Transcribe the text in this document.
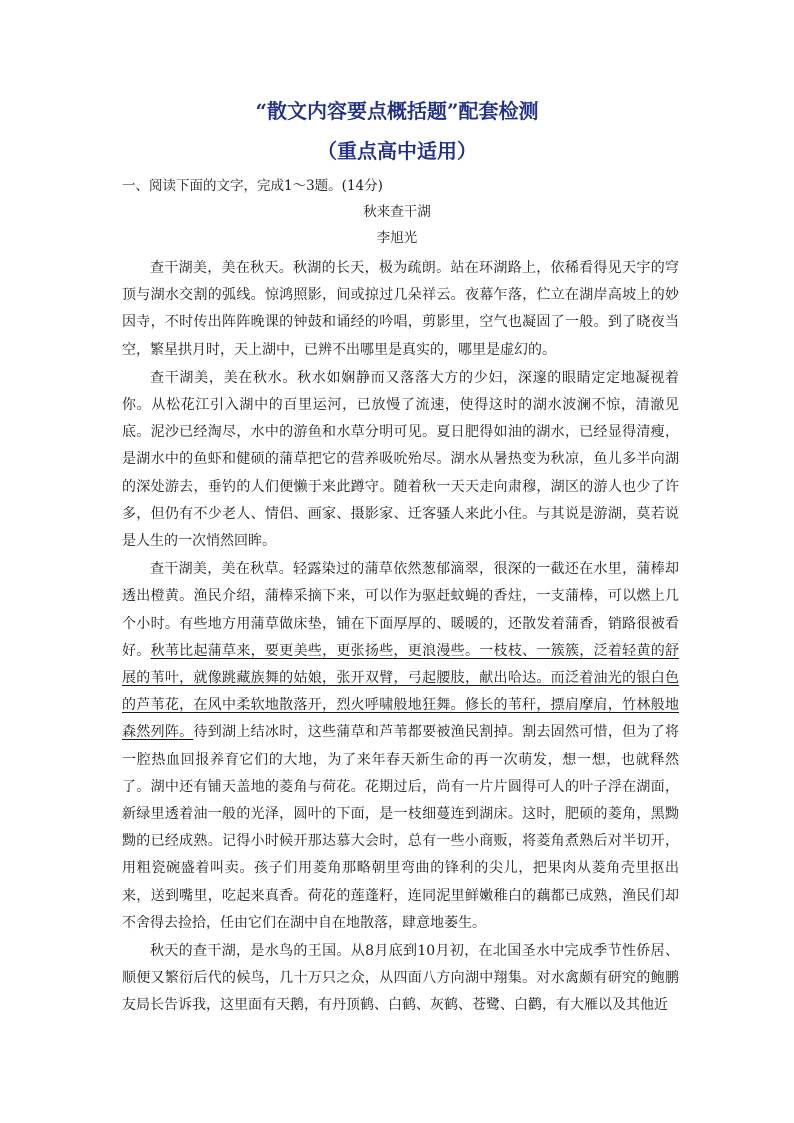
“散文内容要点概括题”配套检测
（重点高中适用）
一、阅读下面的文字，完成1～3题。(14分)
秋来查干湖
李旭光

查干湖美，美在秋天。秋湖的长天，极为疏朗。站在环湖路上，依稀看得见天宇的穹顶与湖水交割的弧线。惊鸿照影，间或掠过几朵祥云。夜幕乍落，伫立在湖岸高坡上的妙因寺，不时传出阵阵晚课的钟鼓和诵经的吟唱，剪影里，空气也凝固了一般。到了晓夜当空，繁星拱月时，天上湖中，已辨不出哪里是真实的，哪里是虚幻的。

查干湖美，美在秋水。秋水如娴静而又落落大方的少妇，深邃的眼睛定定地凝视着你。从松花江引入湖中的百里运河，已放慢了流速，使得这时的湖水波澜不惊，清澈见底。泥沙已经淘尽，水中的游鱼和水草分明可见。夏日肥得如油的湖水，已经显得清瘦，是湖水中的鱼虾和健硕的蒲草把它的营养吸吮殆尽。湖水从暑热变为秋凉，鱼儿多半向湖的深处游去，垂钓的人们便懒于来此蹲守。随着秋一天天走向肃穆，湖区的游人也少了许多，但仍有不少老人、情侣、画家、摄影家、迁客骚人来此小住。与其说是游湖，莫若说是人生的一次悄然回眸。

查干湖美，美在秋草。轻露染过的蒲草依然葱郁滴翠，很深的一截还在水里，蒲棒却透出橙黄。渔民介绍，蒲棒采摘下来，可以作为驱赶蚊蝇的香炷，一支蒲棒，可以燃上几个小时。有些地方用蒲草做床垫，铺在下面厚厚的、暖暖的，还散发着蒲香，销路很被看好。秋苇比起蒲草来，要更美些，更张扬些，更浪漫些。一枝枝、一簇簇，泛着轻黄的舒展的苇叶，就像跳藏族舞的姑娘，张开双臂，弓起腰肢，献出哈达。而泛着油光的银白色的芦苇花，在风中柔软地散落开，烈火呼啸般地狂舞。修长的苇秆，摽肩摩肩，竹林般地森然列阵。待到湖上结冰时，这些蒲草和芦苇都要被渔民割掉。割去固然可惜，但为了将一腔热血回报养育它们的大地，为了来年春天新生命的再一次萌发，想一想，也就释然了。湖中还有铺天盖地的菱角与荷花。花期过后，尚有一片片圆得可人的叶子浮在湖面，新绿里透着油一般的光泽，圆叶的下面，是一枝细蔓连到湖床。这时，肥硕的菱角，黑黝黝的已经成熟。记得小时候开那达慕大会时，总有一些小商贩，将菱角煮熟后对半切开，用粗瓷碗盛着叫卖。孩子们用菱角那略朝里弯曲的锋利的尖儿，把果肉从菱角壳里抠出来，送到嘴里，吃起来真香。荷花的莲蓬籽，连同泥里鲜嫩稚白的藕都已成熟，渔民们却不舍得去捡拾，任由它们在湖中自在地散落，肆意地萎生。

秋天的查干湖，是水鸟的王国。从8月底到10月初，在北国圣水中完成季节性侨居、顺便又繁衍后代的候鸟，几十万只之众，从四面八方向湖中翔集。对水禽颇有研究的鲍鹏友局长告诉我，这里面有天鹅，有丹顶鹤、白鹤、灰鹤、苍鹭、白鹳，有大雁以及其他近
